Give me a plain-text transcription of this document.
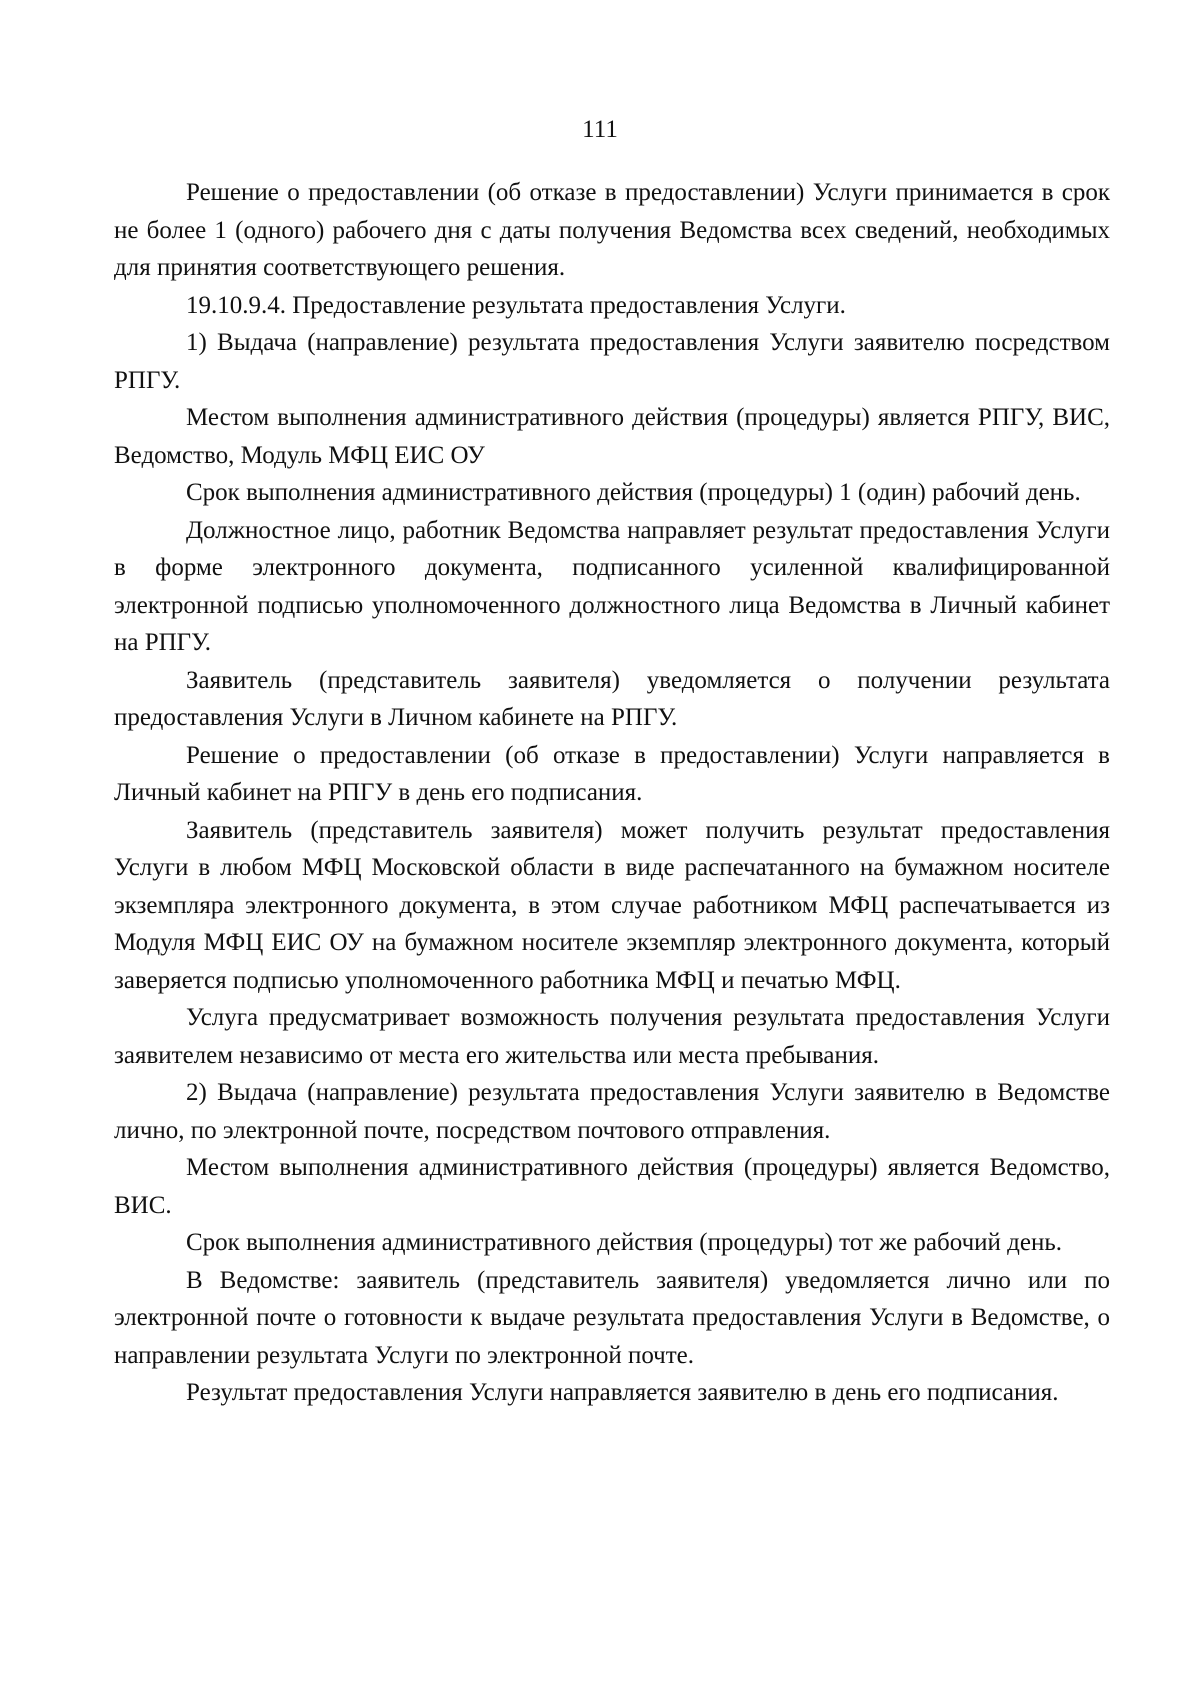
111

Решение о предоставлении (об отказе в предоставлении) Услуги принимается в срок не более 1 (одного) рабочего дня с даты получения Ведомства всех сведений, необходимых для принятия соответствующего решения.

19.10.9.4. Предоставление результата предоставления Услуги.

1) Выдача (направление) результата предоставления Услуги заявителю посредством РПГУ.

Местом выполнения административного действия (процедуры) является РПГУ, ВИС, Ведомство, Модуль МФЦ ЕИС ОУ

Срок выполнения административного действия (процедуры) 1 (один) рабочий день.

Должностное лицо, работник Ведомства направляет результат предоставления Услуги в форме электронного документа, подписанного усиленной квалифицированной электронной подписью уполномоченного должностного лица Ведомства в Личный кабинет на РПГУ.

Заявитель (представитель заявителя) уведомляется о получении результата предоставления Услуги в Личном кабинете на РПГУ.

Решение о предоставлении (об отказе в предоставлении) Услуги направляется в Личный кабинет на РПГУ в день его подписания.

Заявитель (представитель заявителя) может получить результат предоставления Услуги в любом МФЦ Московской области в виде распечатанного на бумажном носителе экземпляра электронного документа, в этом случае работником МФЦ распечатывается из Модуля МФЦ ЕИС ОУ на бумажном носителе экземпляр электронного документа, который заверяется подписью уполномоченного работника МФЦ и печатью МФЦ.

Услуга предусматривает возможность получения результата предоставления Услуги заявителем независимо от места его жительства или места пребывания.

2) Выдача (направление) результата предоставления Услуги заявителю в Ведомстве лично, по электронной почте, посредством почтового отправления.

Местом выполнения административного действия (процедуры) является Ведомство, ВИС.

Срок выполнения административного действия (процедуры) тот же рабочий день.

В Ведомстве: заявитель (представитель заявителя) уведомляется лично или по электронной почте о готовности к выдаче результата предоставления Услуги в Ведомстве, о направлении результата Услуги по электронной почте.

Результат предоставления Услуги направляется заявителю в день его подписания.
